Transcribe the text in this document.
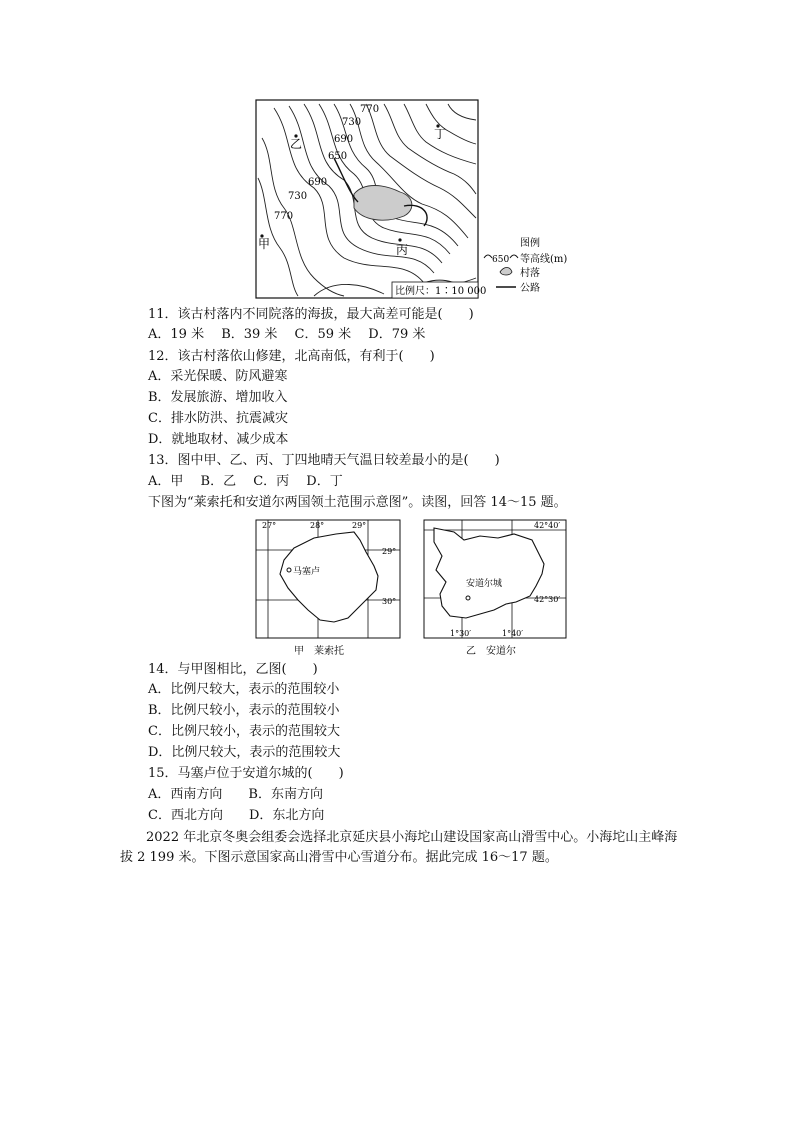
770
730
690
650
690
730
770
丁
乙
甲	丙
比例尺：1∶10 000
图例
650 等高线(m)
村落
公路
11．该古村落内不同院落的海拔，最大高差可能是(　　)
A．19 米　 B．39 米　 C．59 米　 D．79 米
12．该古村落依山修建，北高南低，有利于(　　)
A．采光保暖、防风避寒
B．发展旅游、增加收入
C．排水防洪、抗震减灾
D．就地取材、减少成本
13．图中甲、乙、丙、丁四地晴天气温日较差最小的是(　　)
A．甲　 B．乙　 C．丙　 D．丁
下图为“莱索托和安道尔两国领土范围示意图”。读图，回答 14～15 题。
马塞卢
27°	28°	29°
29°
30°
甲　莱索托
安道尔城
42°40′
42°30′
1°30′	1°40′
乙　安道尔
14．与甲图相比，乙图(　　)
A．比例尺较大，表示的范围较小
B．比例尺较小，表示的范围较小
C．比例尺较小，表示的范围较大
D．比例尺较大，表示的范围较大
15．马塞卢位于安道尔城的(　　)
A．西南方向　　B．东南方向
C．西北方向　　D．东北方向
2022 年北京冬奥会组委会选择北京延庆县小海坨山建设国家高山滑雪中心。小海坨山主峰海拔 2 199 米。下图示意国家高山滑雪中心雪道分布。据此完成 16～17 题。
